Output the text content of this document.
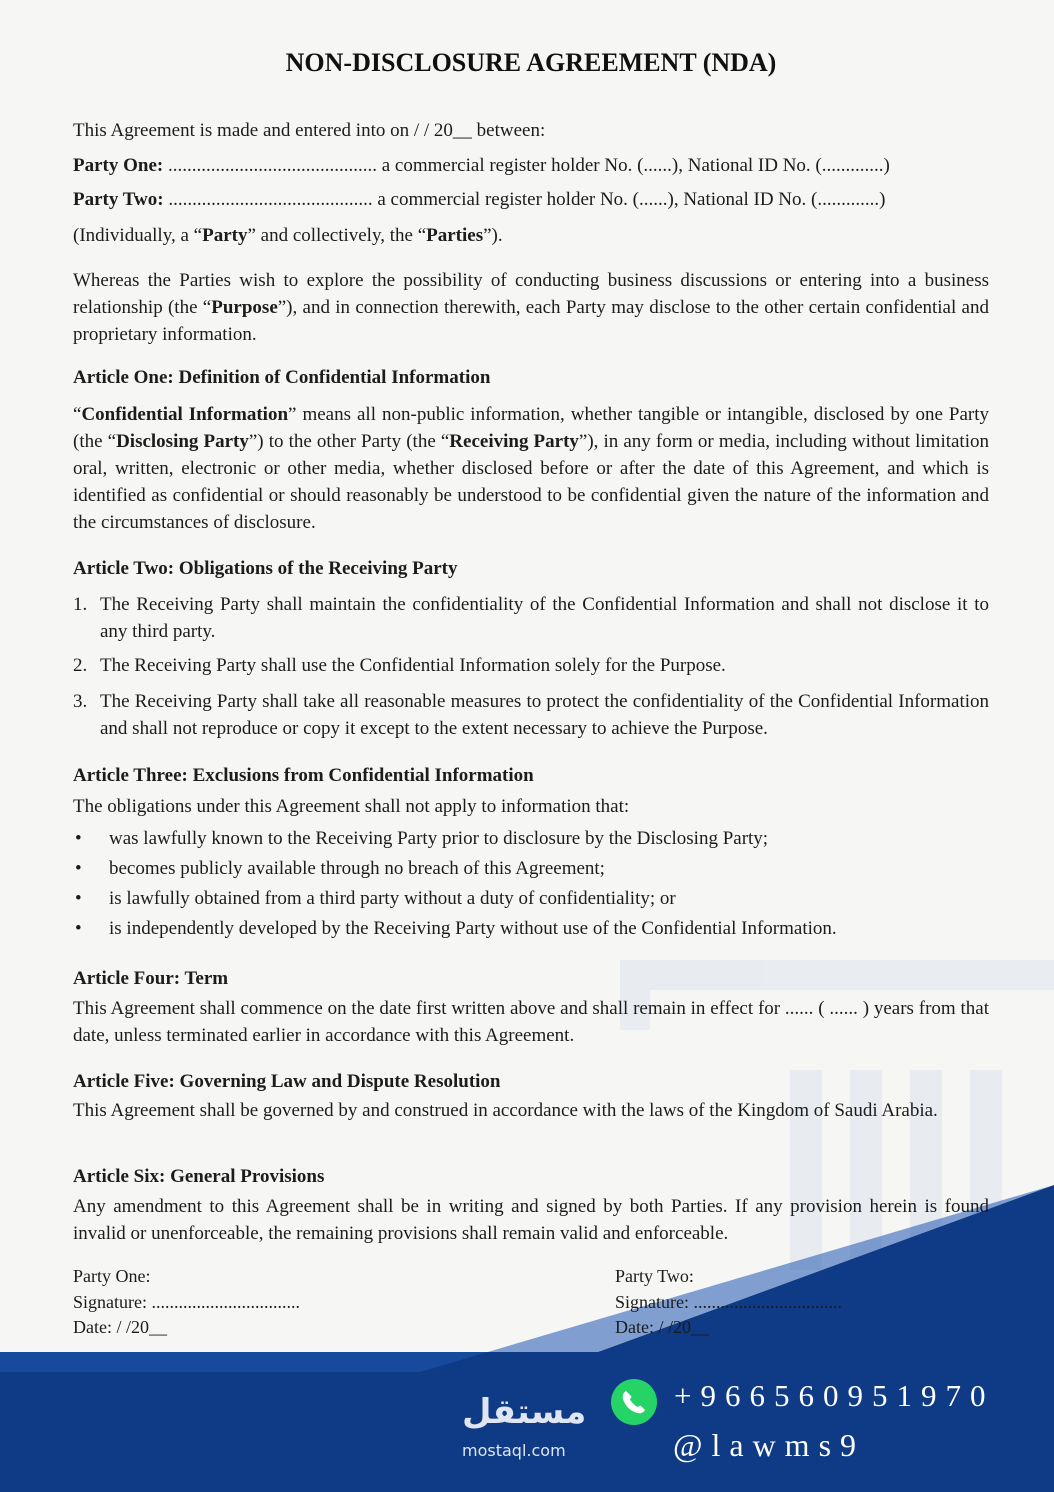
NON-DISCLOSURE AGREEMENT (NDA)
This Agreement is made and entered into on / / 20__ between:
Party One: ............................................ a commercial register holder No. (......), National ID No. (.............)
Party Two: ........................................... a commercial register holder No. (......), National ID No. (.............)
(Individually, a “Party” and collectively, the “Parties”).
Whereas the Parties wish to explore the possibility of conducting business discussions or entering into a business relationship (the “Purpose”), and in connection therewith, each Party may disclose to the other certain confidential and proprietary information.
Article One: Definition of Confidential Information
“Confidential Information” means all non-public information, whether tangible or intangible, disclosed by one Party (the “Disclosing Party”) to the other Party (the “Receiving Party”), in any form or media, including without limitation oral, written, electronic or other media, whether disclosed before or after the date of this Agreement, and which is identified as confidential or should reasonably be understood to be confidential given the nature of the information and the circumstances of disclosure.
Article Two: Obligations of the Receiving Party
1. The Receiving Party shall maintain the confidentiality of the Confidential Information and shall not disclose it to any third party.
2. The Receiving Party shall use the Confidential Information solely for the Purpose.
3. The Receiving Party shall take all reasonable measures to protect the confidentiality of the Confidential Information and shall not reproduce or copy it except to the extent necessary to achieve the Purpose.
Article Three: Exclusions from Confidential Information
The obligations under this Agreement shall not apply to information that:
• was lawfully known to the Receiving Party prior to disclosure by the Disclosing Party;
• becomes publicly available through no breach of this Agreement;
• is lawfully obtained from a third party without a duty of confidentiality; or
• is independently developed by the Receiving Party without use of the Confidential Information.
Article Four: Term
This Agreement shall commence on the date first written above and shall remain in effect for ...... ( ...... ) years from that date, unless terminated earlier in accordance with this Agreement.
Article Five: Governing Law and Dispute Resolution
This Agreement shall be governed by and construed in accordance with the laws of the Kingdom of Saudi Arabia.
Article Six: General Provisions
Any amendment to this Agreement shall be in writing and signed by both Parties. If any provision herein is found invalid or unenforceable, the remaining provisions shall remain valid and enforceable.
Party One:
Signature: .................................
Date: / /20__
Party Two:
Signature: .................................
Date: / /20__
مستقل
mostaql.com
+966560951970
@lawms9
